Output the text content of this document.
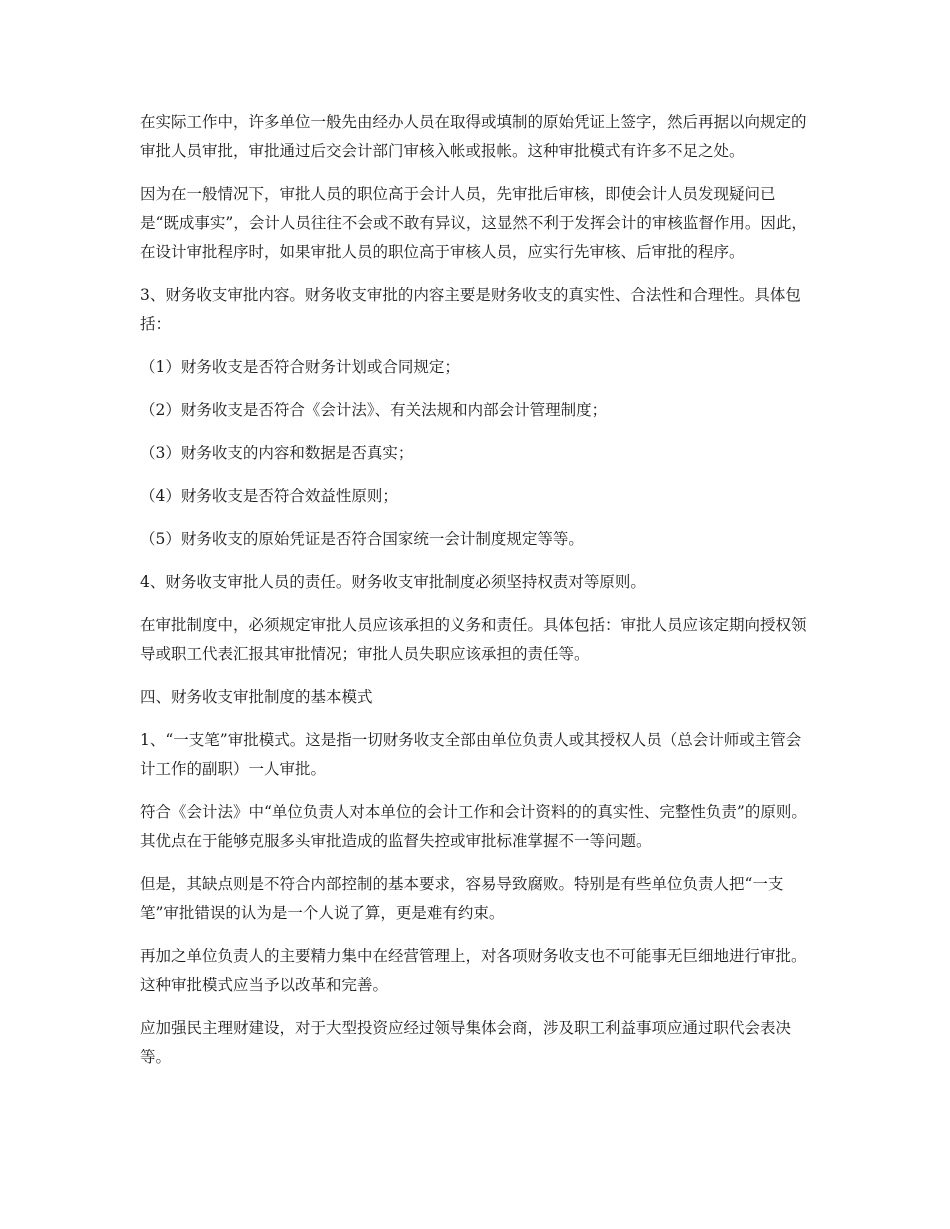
在实际工作中，许多单位一般先由经办人员在取得或填制的原始凭证上签字，然后再据以向规定的审批人员审批，审批通过后交会计部门审核入帐或报帐。这种审批模式有许多不足之处。

因为在一般情况下，审批人员的职位高于会计人员，先审批后审核，即使会计人员发现疑问已是“既成事实”，会计人员往往不会或不敢有异议，这显然不利于发挥会计的审核监督作用。因此，在设计审批程序时，如果审批人员的职位高于审核人员，应实行先审核、后审批的程序。

3、财务收支审批内容。财务收支审批的内容主要是财务收支的真实性、合法性和合理性。具体包括：

（1）财务收支是否符合财务计划或合同规定；

（2）财务收支是否符合《会计法》、有关法规和内部会计管理制度；

（3）财务收支的内容和数据是否真实；

（4）财务收支是否符合效益性原则；

（5）财务收支的原始凭证是否符合国家统一会计制度规定等等。

4、财务收支审批人员的责任。财务收支审批制度必须坚持权责对等原则。

在审批制度中，必须规定审批人员应该承担的义务和责任。具体包括：审批人员应该定期向授权领导或职工代表汇报其审批情况；审批人员失职应该承担的责任等。

四、财务收支审批制度的基本模式

1、“一支笔”审批模式。这是指一切财务收支全部由单位负责人或其授权人员（总会计师或主管会计工作的副职）一人审批。

符合《会计法》中“单位负责人对本单位的会计工作和会计资料的的真实性、完整性负责”的原则。其优点在于能够克服多头审批造成的监督失控或审批标准掌握不一等问题。

但是，其缺点则是不符合内部控制的基本要求，容易导致腐败。特别是有些单位负责人把“一支笔”审批错误的认为是一个人说了算，更是难有约束。

再加之单位负责人的主要精力集中在经营管理上，对各项财务收支也不可能事无巨细地进行审批。这种审批模式应当予以改革和完善。

应加强民主理财建设，对于大型投资应经过领导集体会商，涉及职工利益事项应通过职代会表决等。
